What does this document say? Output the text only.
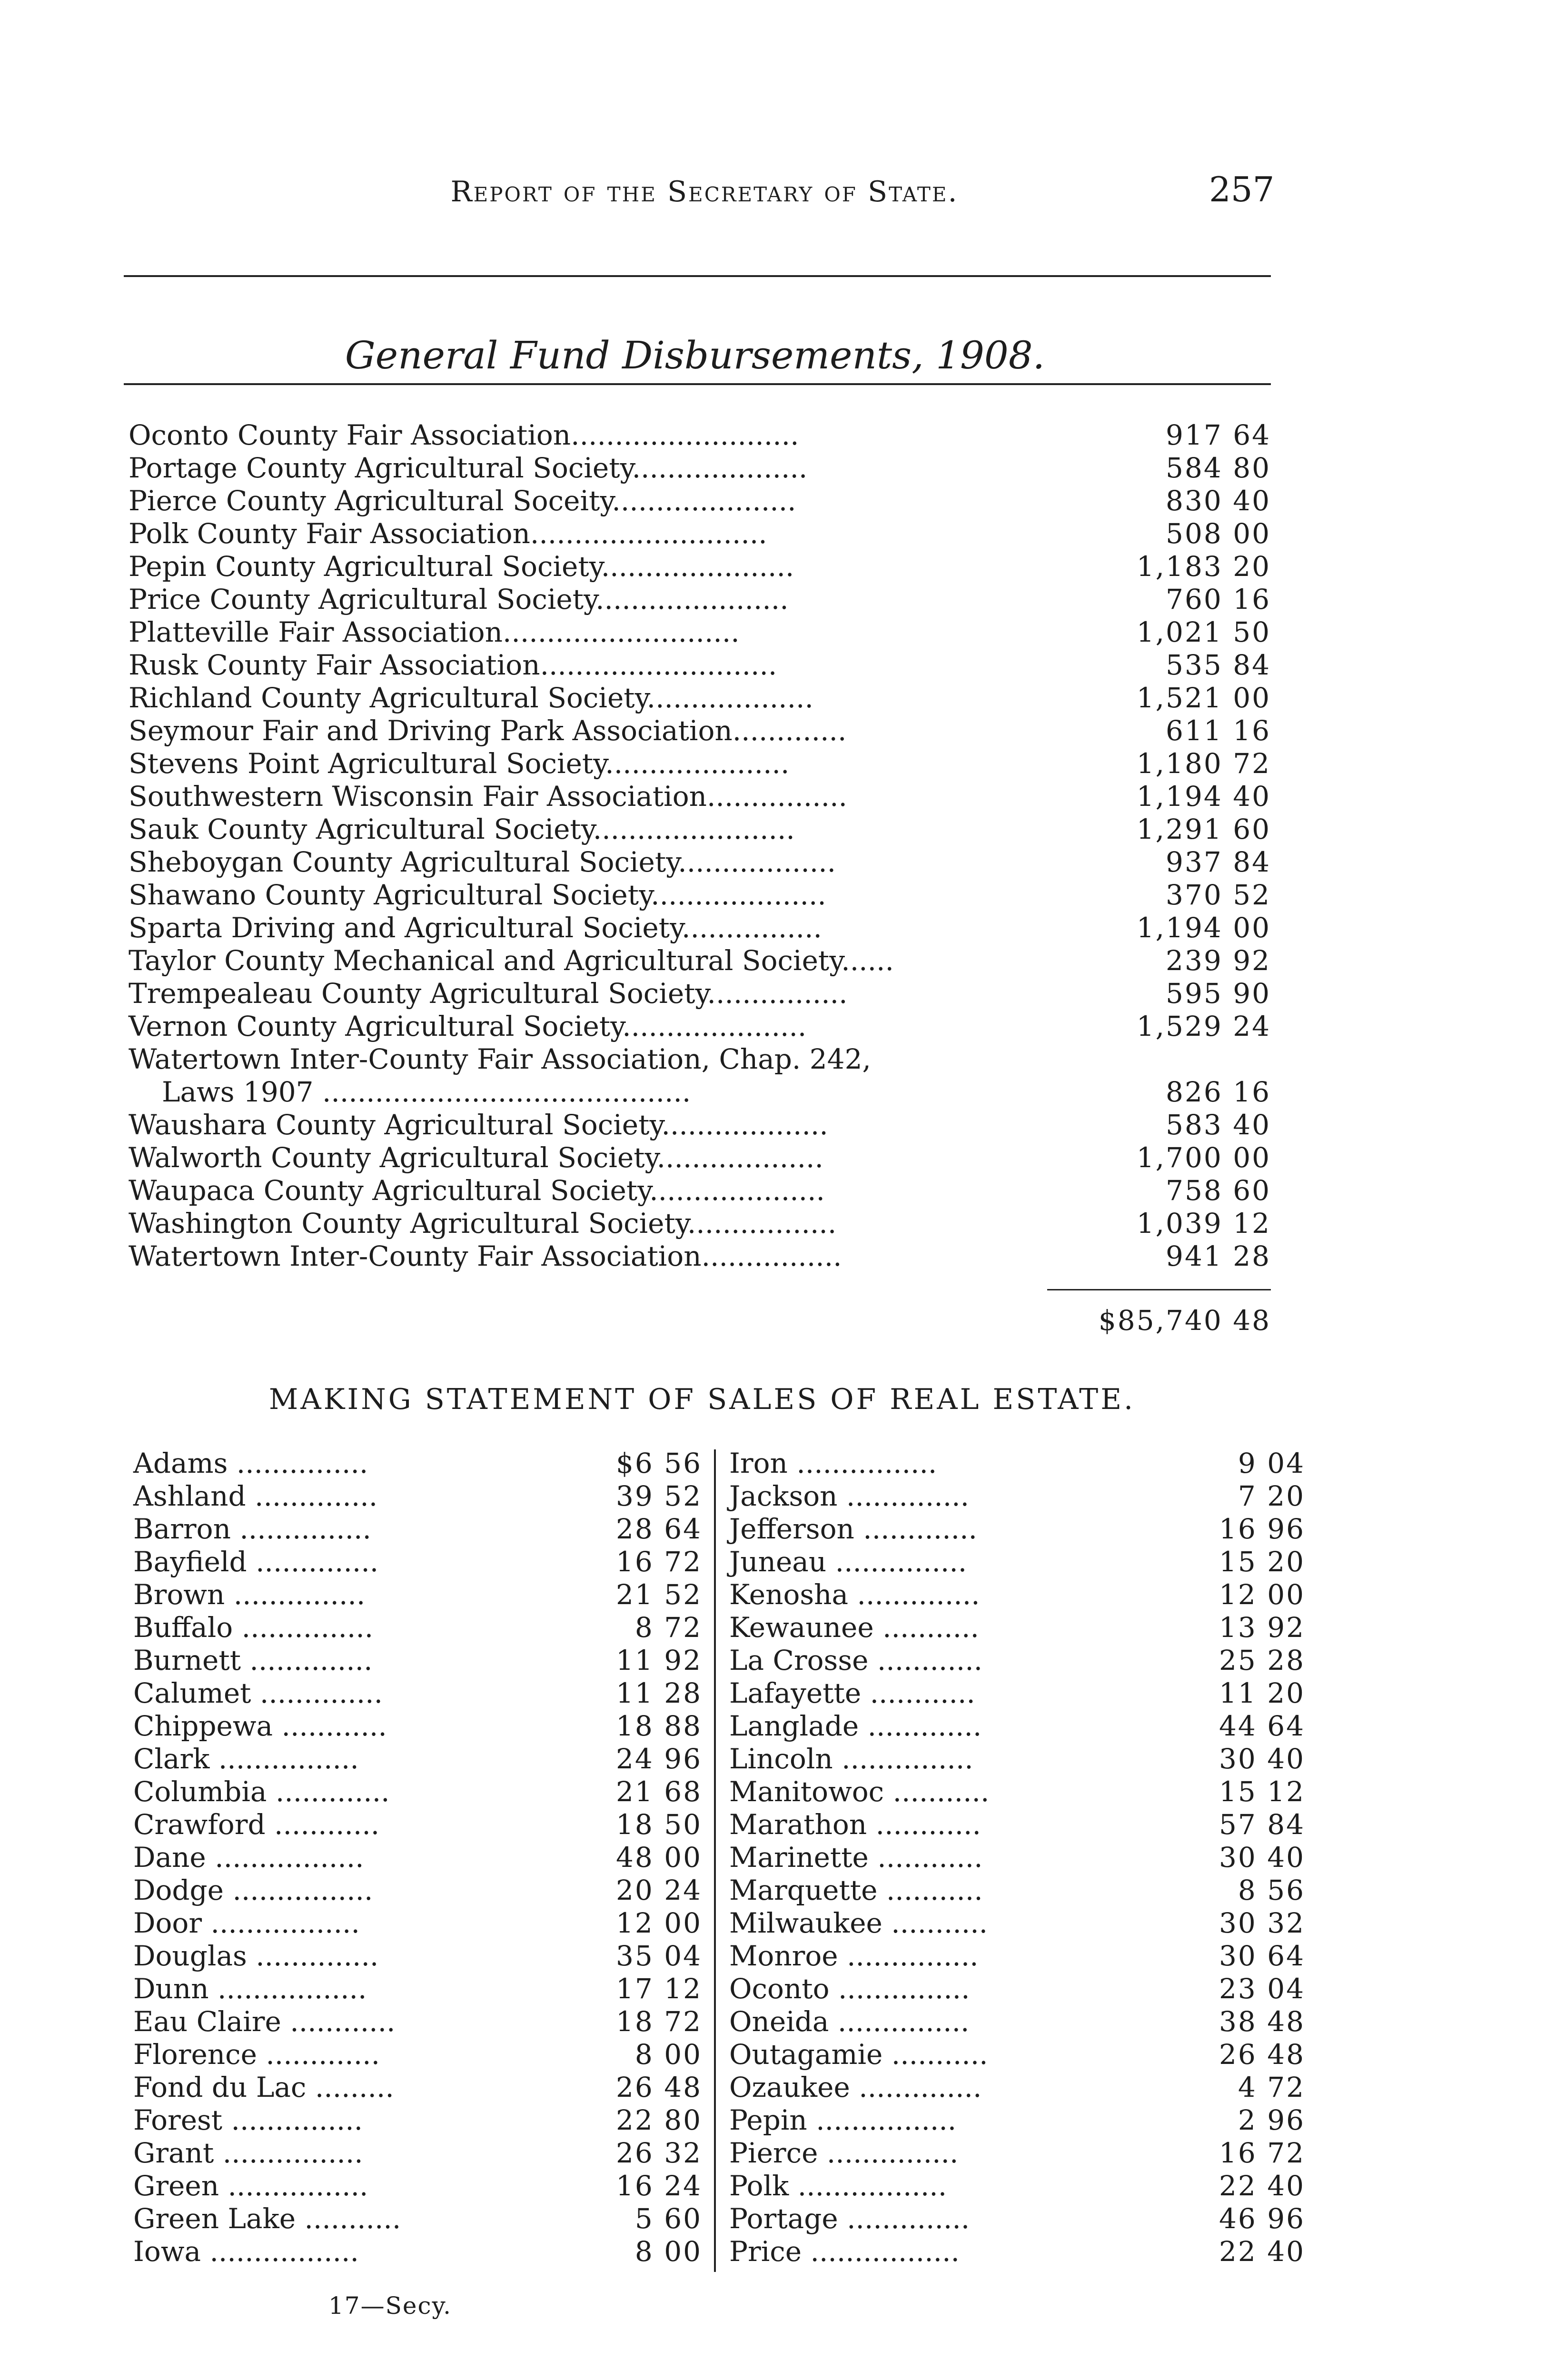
Report of the Secretary of State.	257
General Fund Disbursements, 1908.
Oconto County Fair Association..........................	917 64
Portage County Agricultural Society....................	584 80
Pierce County Agricultural Soceity.....................	830 40
Polk County Fair Association...........................	508 00
Pepin County Agricultural Society......................	1,183 20
Price County Agricultural Society......................	760 16
Platteville Fair Association...........................	1,021 50
Rusk County Fair Association...........................	535 84
Richland County Agricultural Society...................	1,521 00
Seymour Fair and Driving Park Association.............	611 16
Stevens Point Agricultural Society.....................	1,180 72
Southwestern Wisconsin Fair Association................	1,194 40
Sauk County Agricultural Society.......................	1,291 60
Sheboygan County Agricultural Society..................	937 84
Shawano County Agricultural Society....................	370 52
Sparta Driving and Agricultural Society................	1,194 00
Taylor County Mechanical and Agricultural Society......	239 92
Trempealeau County Agricultural Society................	595 90
Vernon County Agricultural Society.....................	1,529 24
Watertown Inter-County Fair Association, Chap. 242,
Laws 1907 ..........................................	826 16
Waushara County Agricultural Society...................	583 40
Walworth County Agricultural Society...................	1,700 00
Waupaca County Agricultural Society....................	758 60
Washington County Agricultural Society.................	1,039 12
Watertown Inter-County Fair Association................	941 28
$85,740 48
MAKING STATEMENT OF SALES OF REAL ESTATE.
Adams ...............	$6 56
Ashland ..............	39 52
Barron ...............	28 64
Bayfield ..............	16 72
Brown ...............	21 52
Buffalo ...............	8 72
Burnett ..............	11 92
Calumet ..............	11 28
Chippewa ............	18 88
Clark ................	24 96
Columbia .............	21 68
Crawford ............	18 50
Dane .................	48 00
Dodge ................	20 24
Door .................	12 00
Douglas ..............	35 04
Dunn .................	17 12
Eau Claire ............	18 72
Florence .............	8 00
Fond du Lac .........	26 48
Forest ...............	22 80
Grant ................	26 32
Green ................	16 24
Green Lake ...........	5 60
Iowa .................	8 00
Iron ................	9 04
Jackson ..............	7 20
Jefferson .............	16 96
Juneau ...............	15 20
Kenosha ..............	12 00
Kewaunee ...........	13 92
La Crosse ............	25 28
Lafayette ............	11 20
Langlade .............	44 64
Lincoln ...............	30 40
Manitowoc ...........	15 12
Marathon ............	57 84
Marinette ............	30 40
Marquette ...........	8 56
Milwaukee ...........	30 32
Monroe ...............	30 64
Oconto ...............	23 04
Oneida ...............	38 48
Outagamie ...........	26 48
Ozaukee ..............	4 72
Pepin ................	2 96
Pierce ...............	16 72
Polk .................	22 40
Portage ..............	46 96
Price .................	22 40
17—Secy.
